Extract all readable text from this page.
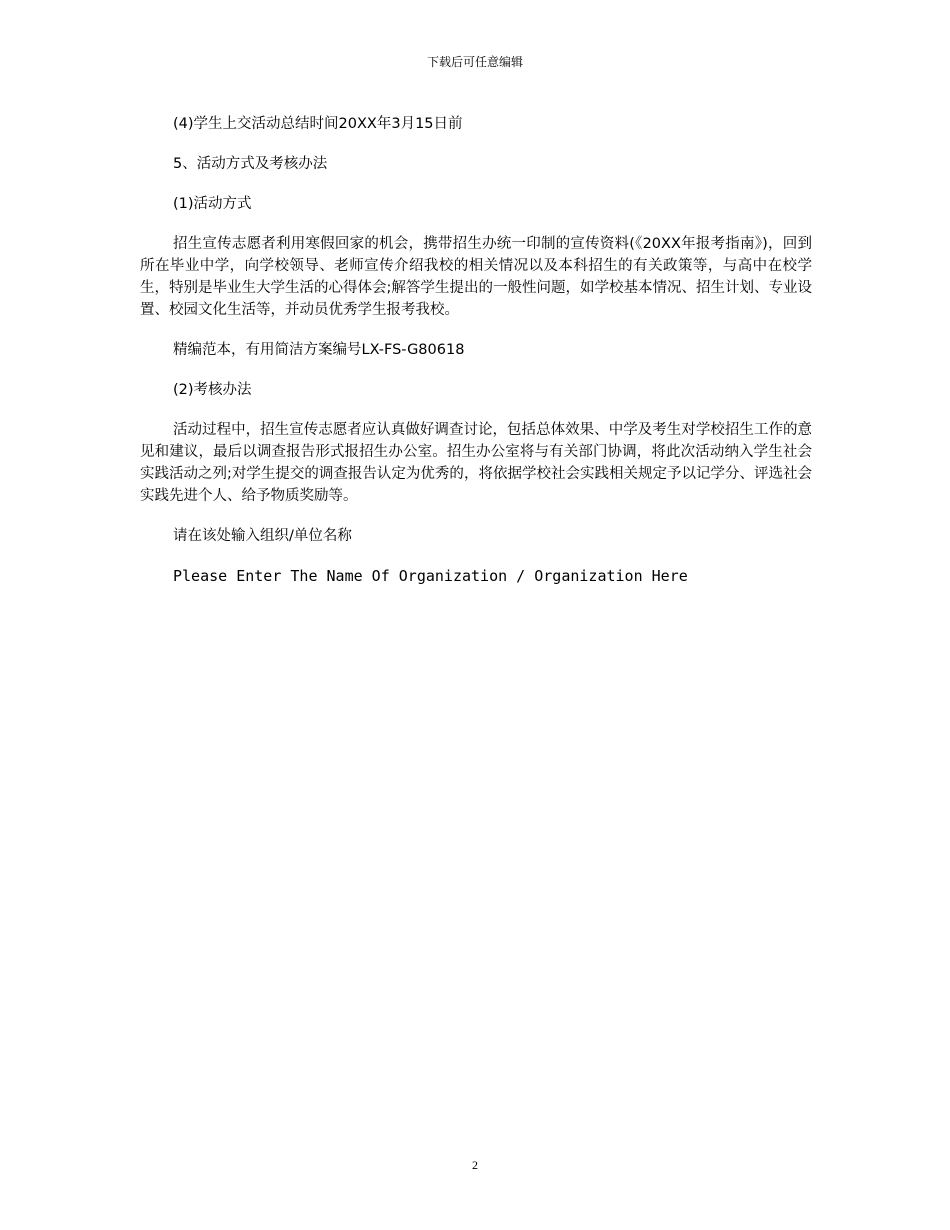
下载后可任意编辑

(4)学生上交活动总结时间20XX年3月15日前

5、活动方式及考核办法

(1)活动方式

招生宣传志愿者利用寒假回家的机会，携带招生办统一印制的宣传资料(《20XX年报考指南》)，回到所在毕业中学，向学校领导、老师宣传介绍我校的相关情况以及本科招生的有关政策等，与高中在校学生，特别是毕业生大学生活的心得体会;解答学生提出的一般性问题，如学校基本情况、招生计划、专业设置、校园文化生活等，并动员优秀学生报考我校。

精编范本，有用简洁方案编号LX-FS-G80618

(2)考核办法

活动过程中，招生宣传志愿者应认真做好调查讨论，包括总体效果、中学及考生对学校招生工作的意见和建议，最后以调查报告形式报招生办公室。招生办公室将与有关部门协调，将此次活动纳入学生社会实践活动之列;对学生提交的调查报告认定为优秀的，将依据学校社会实践相关规定予以记学分、评选社会实践先进个人、给予物质奖励等。

请在该处输入组织/单位名称

Please Enter The Name Of Organization / Organization Here

2
